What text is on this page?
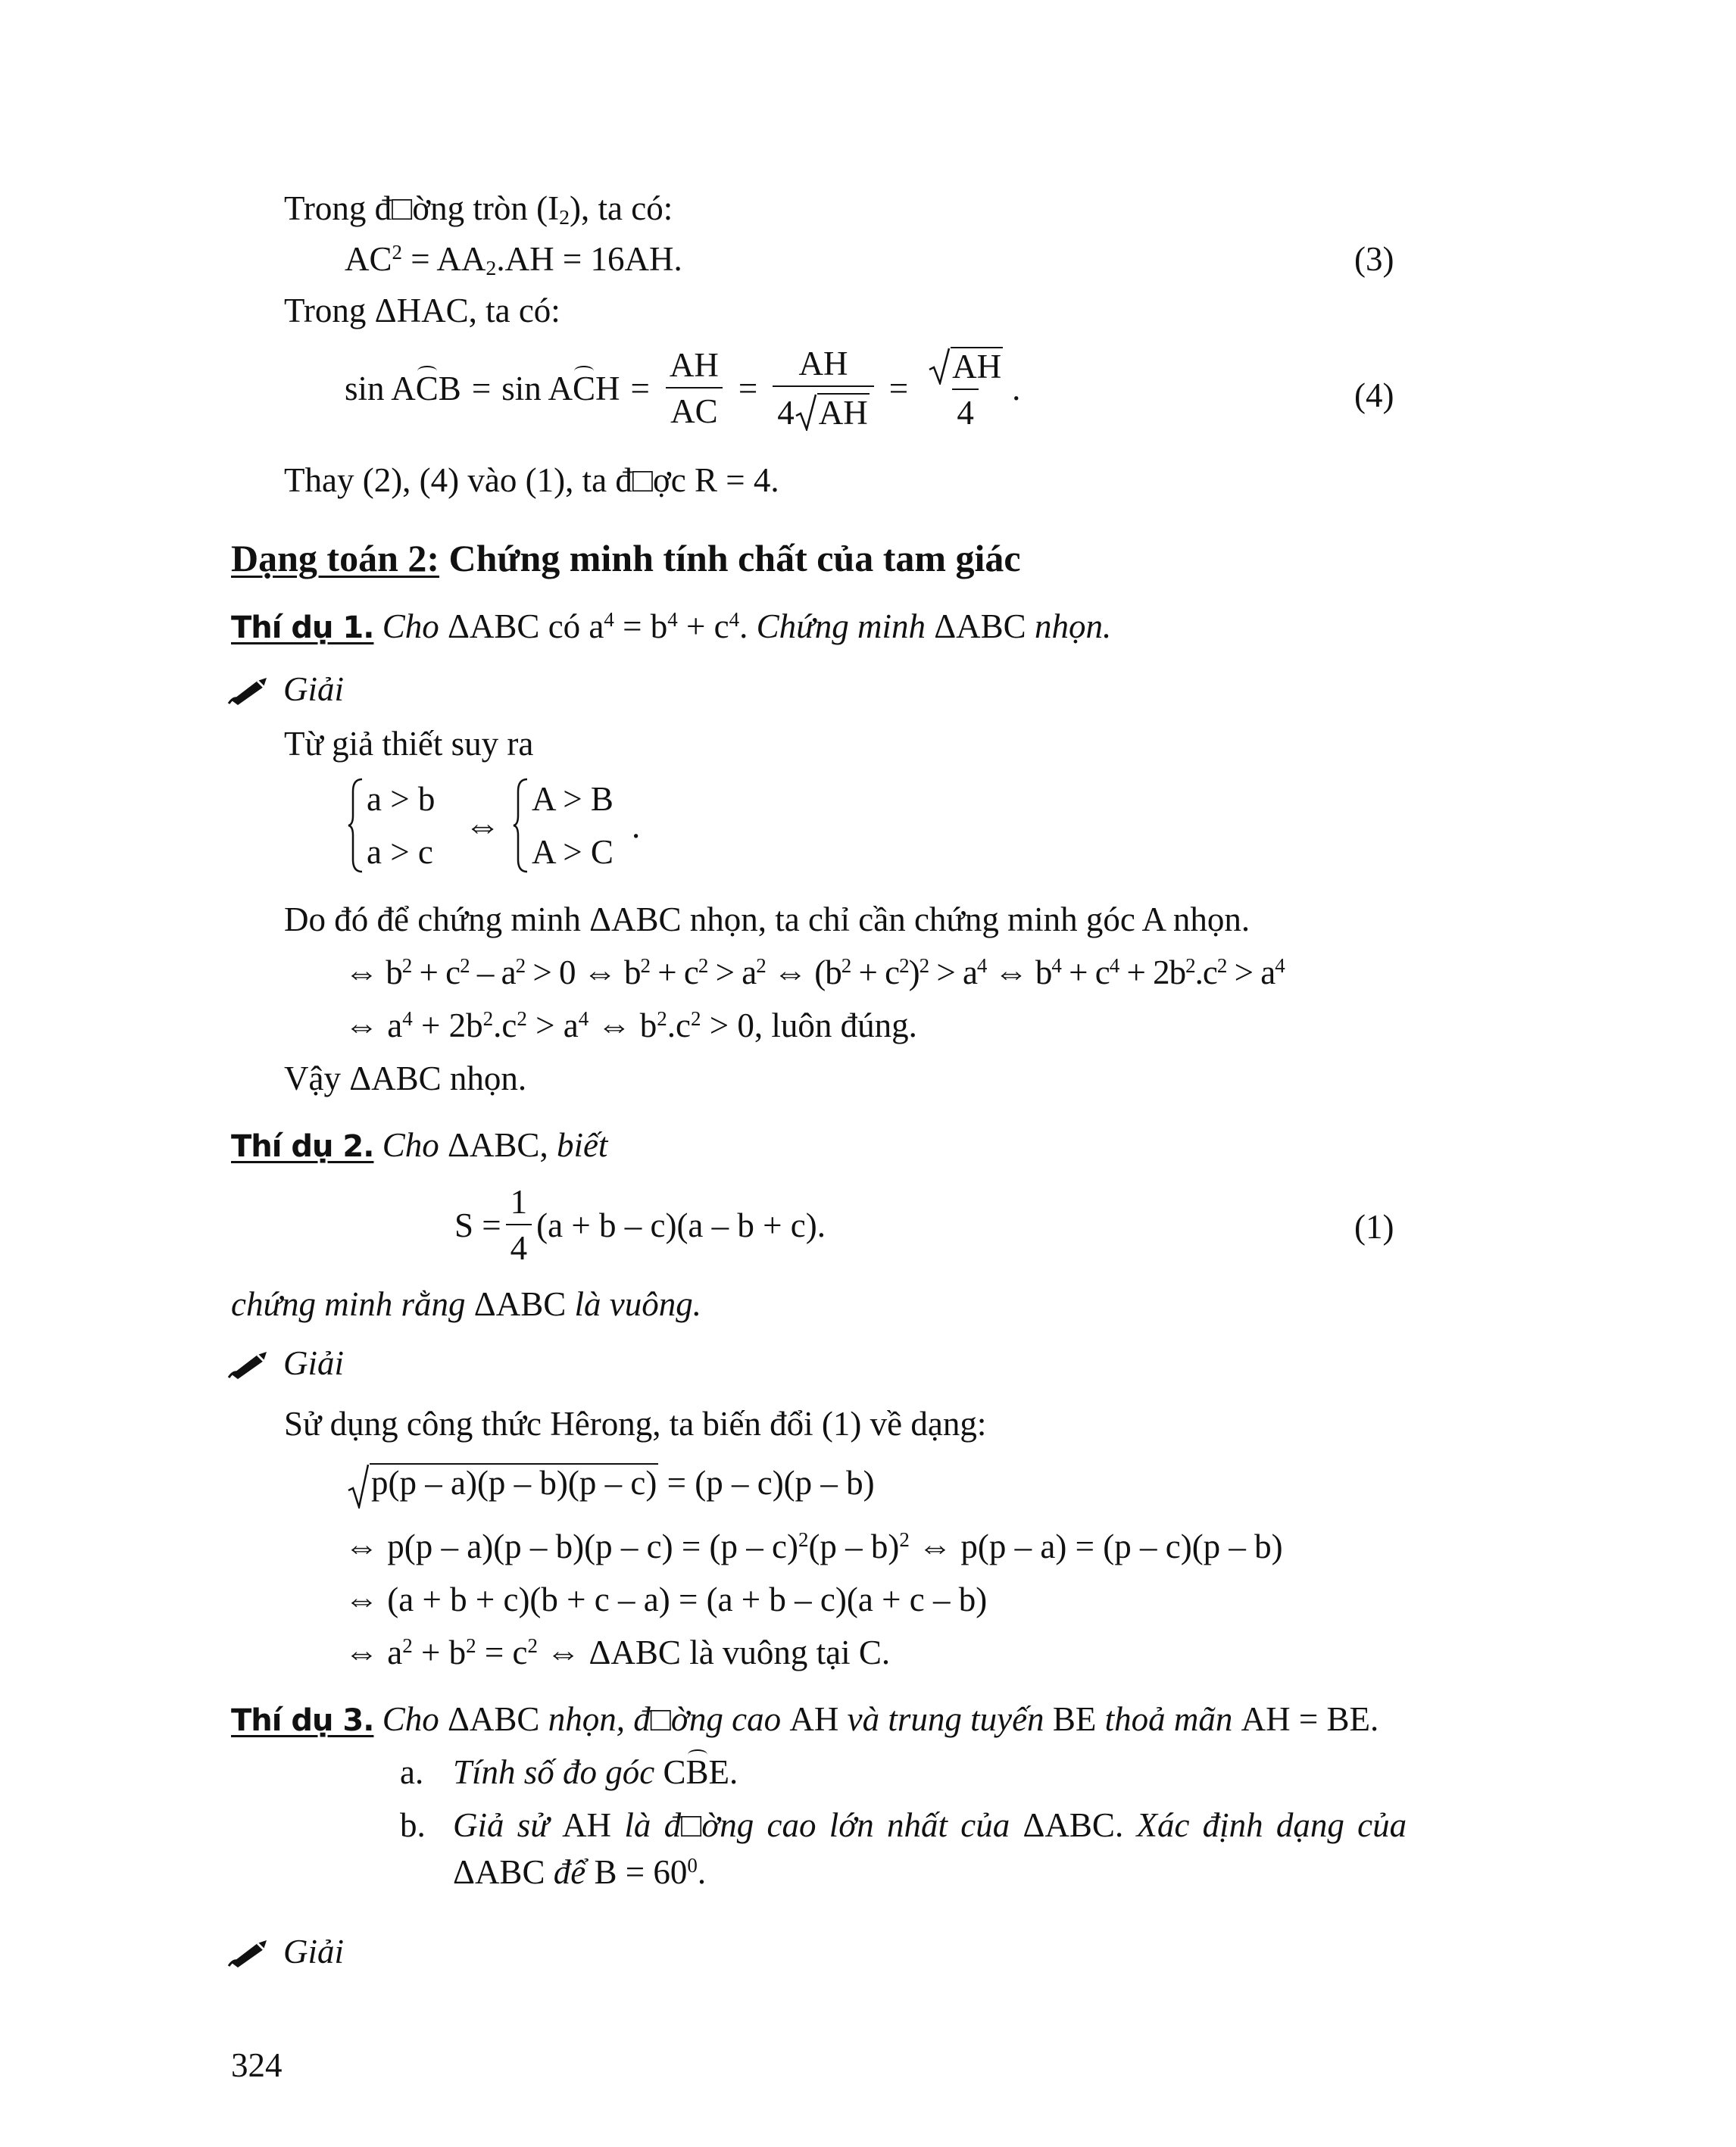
Trong đ□ờng tròn $(I_2)$, ta có:
$AC^2 = AA_2.AH = 16AH$.	(3)
Trong ΔHAC, ta có:
sin ACB = sin ACH = $\frac{AH}{AC} = \frac{AH}{4 AH} = \frac{AH}{4}$ .	(4)
Thay (2), (4) vào (1), ta đ□ợc R = 4.
Dạng toán 2: Chứng minh tính chất của tam giác
Thí dụ 1. Cho ΔABC có $a^4 = b^4 + c^4$. Chứng minh ΔABC nhọn.
Giải
Từ giả thiết suy ra
a > b
a > c
⇔
A > B
A > C
.
Do đó để chứng minh ΔABC nhọn, ta chỉ cần chứng minh góc A nhọn.
⇔ $b^2 + c^2 - a^2 > 0$ ⇔ $b^2 + c^2 > a^2$ ⇔ $(b^2 + c^2)^2 > a^4$ ⇔ $b^4 + c^4 + 2b^2.c^2 > a^4$
⇔ $a^4 + 2b^2.c^2 > a^4$ ⇔ $b^2.c^2 > 0$, luôn đúng.
Vậy ΔABC nhọn.
Thí dụ 2. Cho ΔABC, biết
$S = \frac{1}{4} (a + b - c)(a - b + c)$.	(1)
chứng minh rằng ΔABC là vuông.
Giải
Sử dụng công thức Hêrong, ta biến đổi (1) về dạng:
p(p – a)(p – b)(p – c) = (p – c)(p – b)
⇔ p(p – a)(p – b)(p – c) = (p – c)$^2$(p – b)$^2$ ⇔ p(p – a) = (p – c)(p – b)
⇔ (a + b + c)(b + c – a) = (a + b – c)(a + c – b)
⇔ $a^2 + b^2 = c^2$ ⇔ ΔABC là vuông tại C.
Thí dụ 3. Cho ΔABC nhọn, đ□ờng cao AH và trung tuyến BE thoả mãn AH = BE.
a. Tính số đo góc CBE.
b. Giả sử AH là đ□ờng cao lớn nhất của ΔABC. Xác định dạng của
ΔABC để $B = 60^0$.
Giải
324
